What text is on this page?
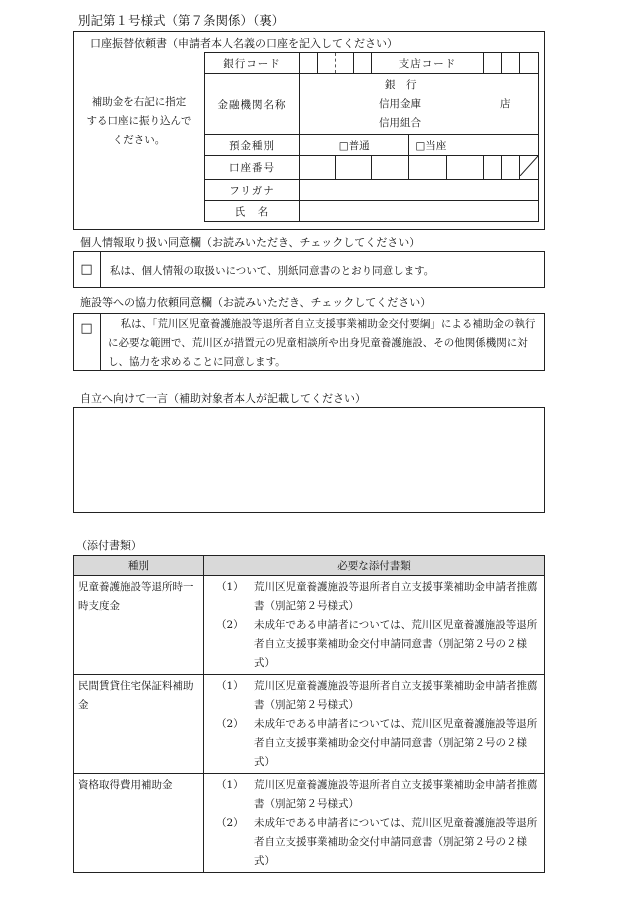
別記第１号様式（第７条関係）（裏）
口座振替依頼書（申請者本人名義の口座を記入してください）
補助金を右記に指定
する口座に振り込んで
ください。
銀行コード					支店コード					
金融機関名称	銀　行
信用金庫 店
信用組合									

預金種別	□普通					□当座				
口座番号								
フリガナ										
氏　名										
個人情報取り扱い同意欄（お読みいただき、チェックしてください）
□	私は、個人情報の取扱いについて、別紙同意書のとおり同意します。
施設等への協力依頼同意欄（お読みいただき、チェックしてください）
□	私は、「荒川区児童養護施設等退所者自立支援事業補助金交付要綱」による補助金の執行に必要な範囲で、荒川区が措置元の児童相談所や出身児童養護施設、その他関係機関に対し、協力を求めることに同意します。
自立へ向けて一言（補助対象者本人が記載してください）
（添付書類）
種別	必要な添付書類
児童養護施設等退所時一時支度金	（1） 荒川区児童養護施設等退所者自立支援事業補助金申請者推薦書（別記第２号様式）
（2） 未成年である申請者については、荒川区児童養護施設等退所者自立支援事業補助金交付申請同意書（別記第２号の２様式）

民間賃貸住宅保証料補助金	（1） 荒川区児童養護施設等退所者自立支援事業補助金申請者推薦書（別記第２号様式）
（2） 未成年である申請者については、荒川区児童養護施設等退所者自立支援事業補助金交付申請同意書（別記第２号の２様式）

資格取得費用補助金	（1） 荒川区児童養護施設等退所者自立支援事業補助金申請者推薦書（別記第２号様式）
（2） 未成年である申請者については、荒川区児童養護施設等退所者自立支援事業補助金交付申請同意書（別記第２号の２様式）
